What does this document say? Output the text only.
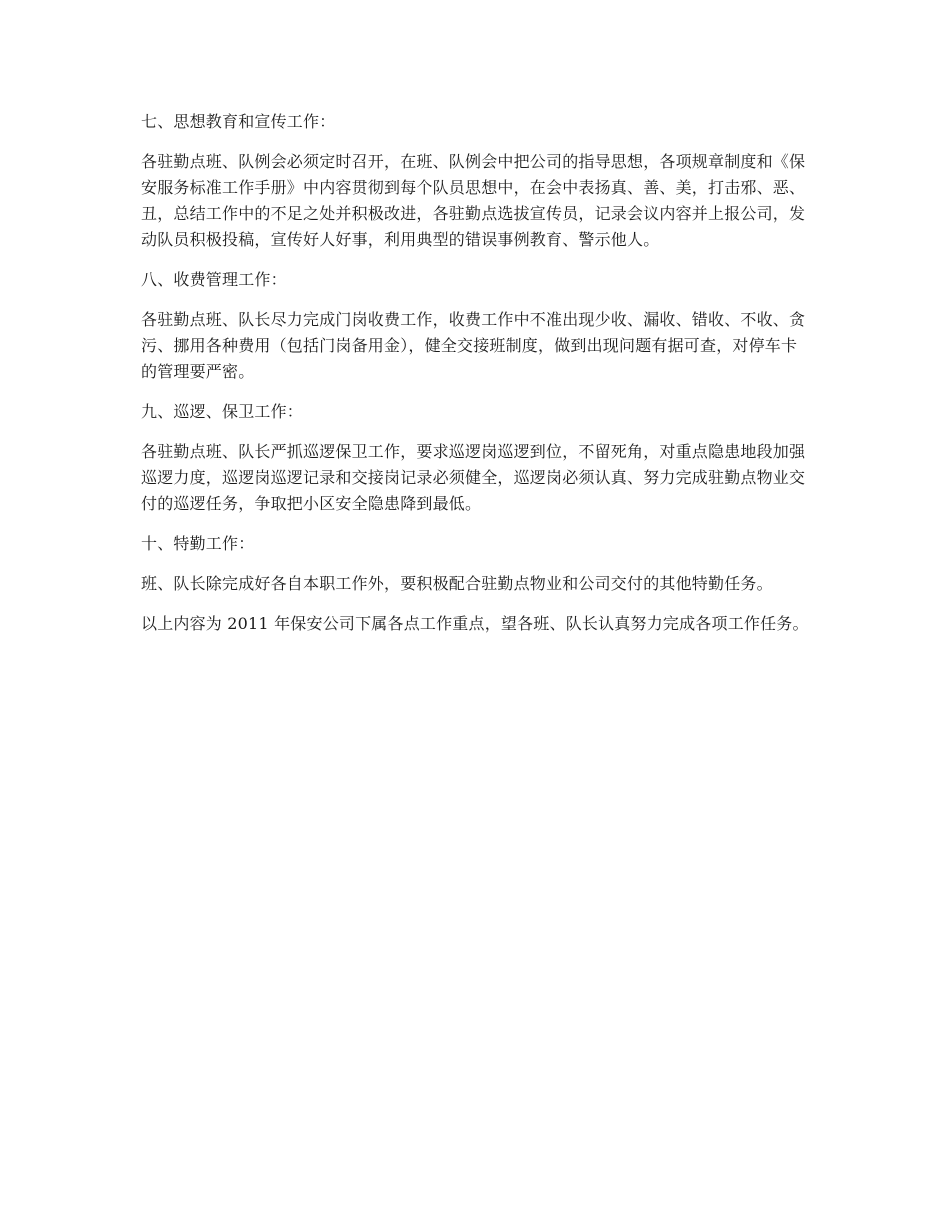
七、思想教育和宣传工作：

各驻勤点班、队例会必须定时召开，在班、队例会中把公司的指导思想，各项规章制度和《保安服务标准工作手册》中内容贯彻到每个队员思想中，在会中表扬真、善、美，打击邪、恶、丑，总结工作中的不足之处并积极改进，各驻勤点选拔宣传员，记录会议内容并上报公司，发动队员积极投稿，宣传好人好事，利用典型的错误事例教育、警示他人。

八、收费管理工作：

各驻勤点班、队长尽力完成门岗收费工作，收费工作中不准出现少收、漏收、错收、不收、贪污、挪用各种费用（包括门岗备用金），健全交接班制度，做到出现问题有据可查，对停车卡的管理要严密。

九、巡逻、保卫工作：

各驻勤点班、队长严抓巡逻保卫工作，要求巡逻岗巡逻到位，不留死角，对重点隐患地段加强巡逻力度，巡逻岗巡逻记录和交接岗记录必须健全，巡逻岗必须认真、努力完成驻勤点物业交付的巡逻任务，争取把小区安全隐患降到最低。

十、特勤工作：

班、队长除完成好各自本职工作外，要积极配合驻勤点物业和公司交付的其他特勤任务。

以上内容为 2011 年保安公司下属各点工作重点，望各班、队长认真努力完成各项工作任务。
